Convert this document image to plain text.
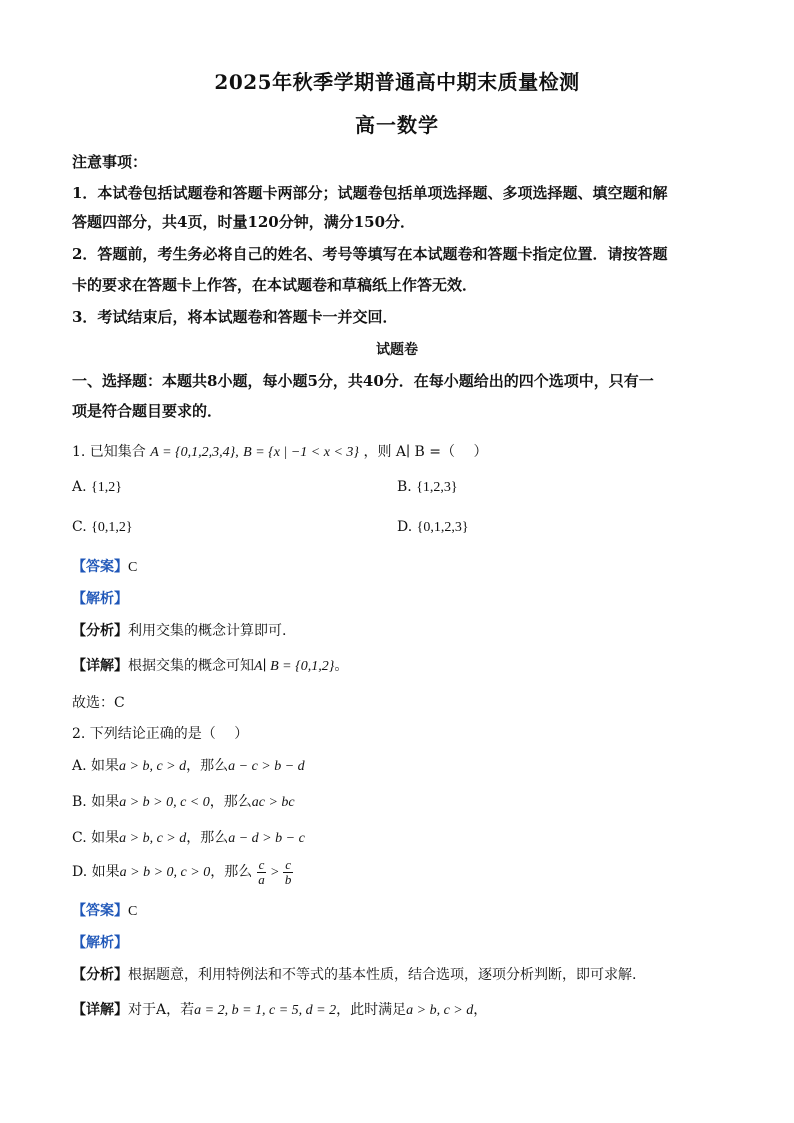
2025年秋季学期普通高中期末质量检测
高一数学
注意事项：
1．本试卷包括试题卷和答题卡两部分；试题卷包括单项选择题、多项选择题、填空题和解
答题四部分，共4页，时量120分钟，满分150分．
2．答题前，考生务必将自己的姓名、考号等填写在本试题卷和答题卡指定位置．请按答题
卡的要求在答题卡上作答，在本试题卷和草稿纸上作答无效．
3．考试结束后，将本试题卷和答题卡一并交回．
试题卷
一、选择题：本题共8小题，每小题5分，共40分．在每小题给出的四个选项中，只有一
项是符合题目要求的．
1. 已知集合 A = {0,1,2,3,4}, B = {x | −1 < x < 3} ，则 A∣ B =（　 ）
A. {1,2}	B. {1,2,3}
C. {0,1,2}	D. {0,1,2,3}
【答案】C
【解析】
【分析】利用交集的概念计算即可.
【详解】根据交集的概念可知A∣ B = {0,1,2}。
故选：C
2. 下列结论正确的是（　 ）
A. 如果a > b, c > d，那么a − c > b − d
B. 如果a > b > 0, c < 0，那么ac > bc
C. 如果a > b, c > d，那么a − d > b − c
D. 如果a > b > 0, c > 0，那么 $\frac{c}{a} > \frac{c}{b}$
【答案】C
【解析】
【分析】根据题意，利用特例法和不等式的基本性质，结合选项，逐项分析判断，即可求解.
【详解】对于A，若a = 2, b = 1, c = 5, d = 2，此时满足a > b, c > d，
